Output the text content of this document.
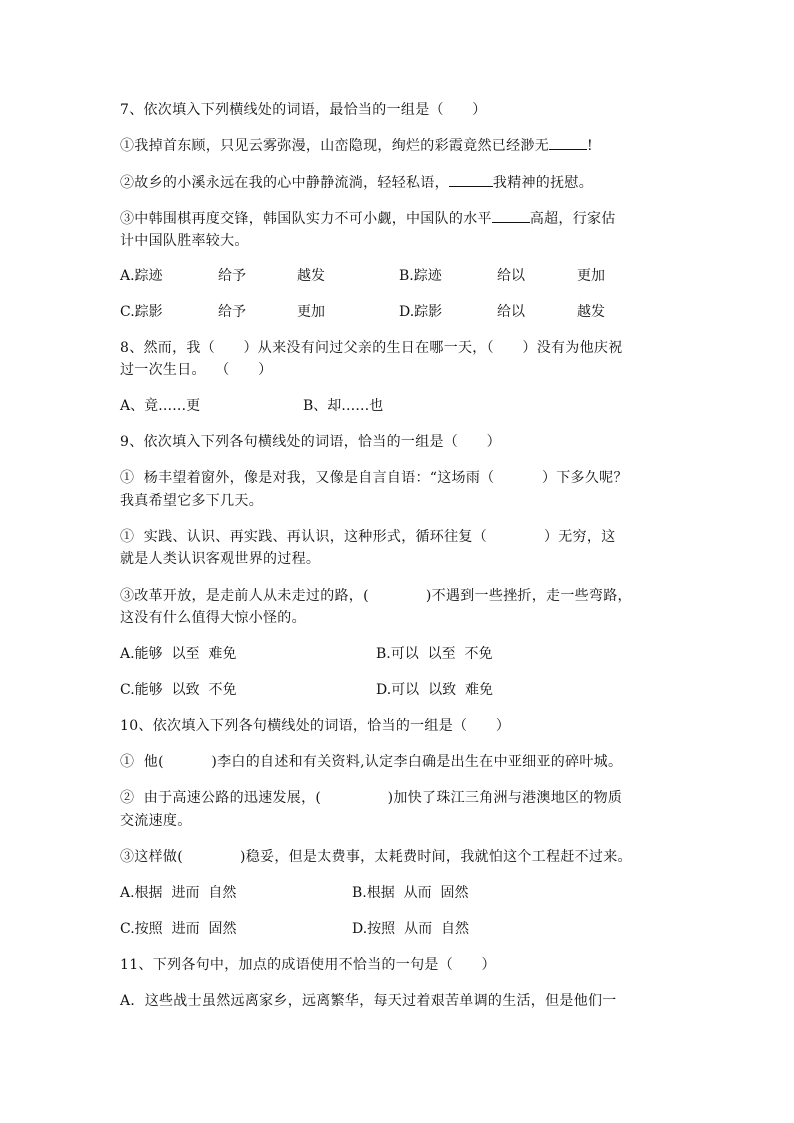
7、依次填入下列横线处的词语，最恰当的一组是（      ）
①我掉首东顾，只见云雾弥漫，山峦隐现，绚烂的彩霞竟然已经渺无	!
②故乡的小溪永远在我的心中静静流淌，轻轻私语，	我精神的抚慰。
③中韩围棋再度交锋，韩国队实力不可小觑，中国队的水平	高超，行家估
计中国队胜率较大。
A.踪迹	给予	越发	B.踪迹	给以	更加
C.踪影	给予	更加	D.踪影	给以	越发
8、然而，我（      ）从来没有问过父亲的生日在哪一天，（      ）没有为他庆祝
过一次生日。  （      ）
A、竟……更	B、却……也
9、依次填入下列各句横线处的词语，恰当的一组是（      ）
①  杨丰望着窗外，像是对我，又像是自言自语：“这场雨（          ）下多久呢？
我真希望它多下几天。
①  实践、认识、再实践、再认识，这种形式，循环往复（            ）无穷，这
就是人类认识客观世界的过程。
③改革开放，是走前人从未走过的路，(            )不遇到一些挫折，走一些弯路，
这没有什么值得大惊小怪的。
A.能够  以至  难免	B.可以  以至  不免
C.能够  以致  不免	D.可以  以致  难免
10、依次填入下列各句横线处的词语，恰当的一组是（      ）
①  他(          )李白的自述和有关资料,认定李白确是出生在中亚细亚的碎叶城。
②  由于高速公路的迅速发展，(              )加快了珠江三角洲与港澳地区的物质
交流速度。
③这样做(            )稳妥，但是太费事，太耗费时间，我就怕这个工程赶不过来。
A.根据  进而  自然	B.根据  从而  固然
C.按照  进而  固然	D.按照  从而  自然
11、下列各句中，加点的成语使用不恰当的一句是（      ）
A．这些战士虽然远离家乡，远离繁华，每天过着艰苦单调的生活，但是他们一
